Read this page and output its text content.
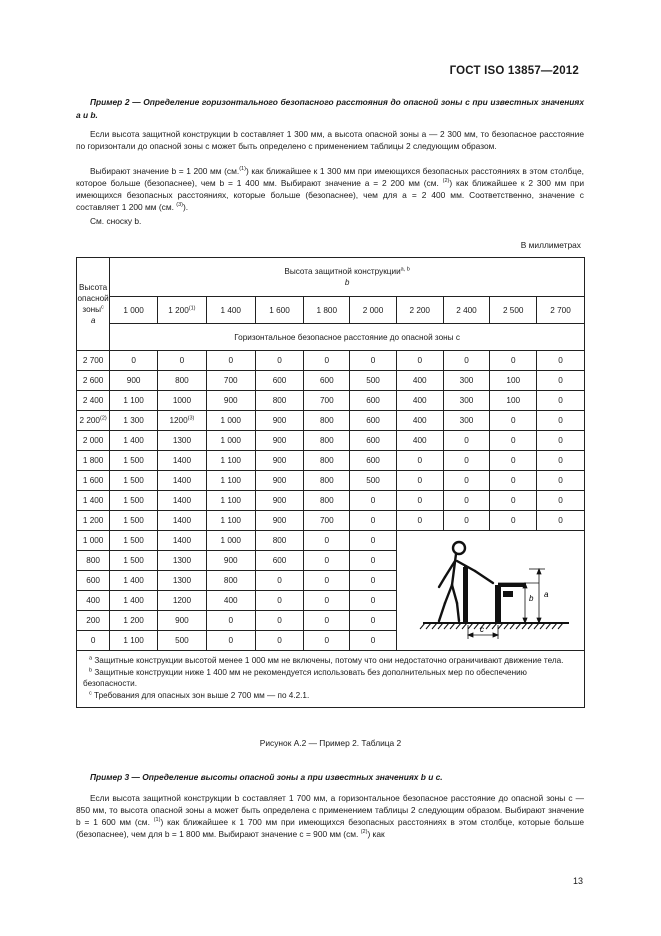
ГОСТ ISO 13857—2012
Пример 2 — Определение горизонтального безопасного расстояния до опасной зоны с при известных значениях a и b.
Если высота защитной конструкции b составляет 1 300 мм, а высота опасной зоны a — 2 300 мм, то безопасное расстояние по горизонтали до опасной зоны c может быть определено с применением таблицы 2 следующим образом.
Выбирают значение b = 1 200 мм (см.$^{(1)}$) как ближайшее к 1 300 мм при имеющихся безопасных расстояниях в этом столбце, которое больше (безопаснее), чем b = 1 400 мм. Выбирают значение a = 2 200 мм (см. $^{(2)}$) как ближайшее к 2 300 мм при имеющихся безопасных расстояниях, которые больше (безопаснее), чем для a = 2 400 мм. Соответственно, значение c составляет 1 200 мм (см. $^{(3)}$).
См. сноску b.
В миллиметрах
Высота
опасной
зоны$^c$
a	Высота защитной конструкции$^{a, b}$
b									
	1 000	1 200$^{(1)}$	1 400	1 600	1 800	2 000	2 200	2 400	2 500	2 700
	Горизонтальное безопасное расстояние до опасной зоны c									
2 700	0	0	0	0	0	0	0	0	0	0
2 600	900	800	700	600	600	500	400	300	100	0
2 400	1 100	1000	900	800	700	600	400	300	100	0
2 200$^{(2)}$	1 300	1200$^{(3)}$	1 000	900	800	600	400	300	0	0
2 000	1 400	1300	1 000	900	800	600	400	0	0	0
1 800	1 500	1400	1 100	900	800	600	0	0	0	0
1 600	1 500	1400	1 100	900	800	500	0	0	0	0
1 400	1 500	1400	1 100	900	800	0	0	0	0	0
1 200	1 500	1400	1 100	900	700	0	0	0	0	0
1 000	1 500	1400	1 000	800	0	0	b a
c			

800	1 500	1300	900	600	0	0				
600	1 400	1300	800	0	0	0				
400	1 400	1200	400	0	0	0				
200	1 200	900	0	0	0	0				
0	1 100	500	0	0	0	0				

$^a$ Защитные конструкции высотой менее 1 000 мм не включены, потому что они недостаточно ограничивают движение тела.
$^b$ Защитные конструкции ниже 1 400 мм не рекомендуется использовать без дополнительных мер по обеспечению безопасности.
$^c$ Требования для опасных зон выше 2 700 мм — по 4.2.1.										
Рисунок А.2 — Пример 2. Таблица 2
Пример 3 — Определение высоты опасной зоны a при известных значениях b и c.
Если высота защитной конструкции b составляет 1 700 мм, а горизонтальное безопасное расстояние до опасной зоны c — 850 мм, то высота опасной зоны a может быть определена с применением таблицы 2 следующим образом. Выбирают значение b = 1 600 мм (см. $^{(1)}$) как ближайшее к 1 700 мм при имеющихся безопасных расстояниях в этом столбце, которые больше (безопаснее), чем для b = 1 800 мм. Выбирают значение c = 900 мм (см. $^{(2)}$) как
13
